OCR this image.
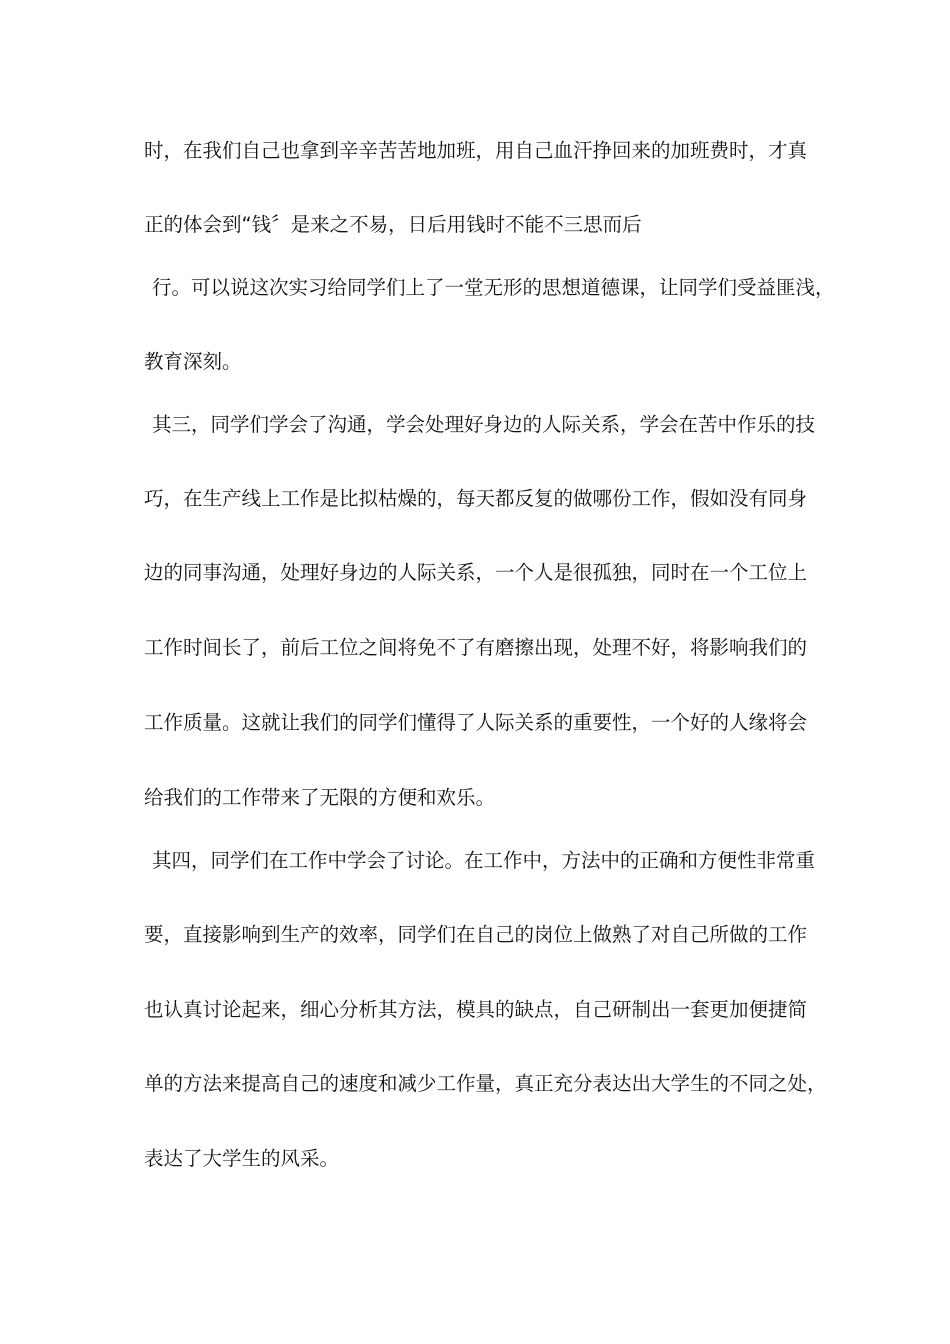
时，在我们自己也拿到辛辛苦苦地加班，用自己血汗挣回来的加班费时，才真
正的体会到“钱〞是来之不易，日后用钱时不能不三思而后
行。可以说这次实习给同学们上了一堂无形的思想道德课，让同学们受益匪浅，
教育深刻。
其三，同学们学会了沟通，学会处理好身边的人际关系，学会在苦中作乐的技
巧，在生产线上工作是比拟枯燥的，每天都反复的做哪份工作，假如没有同身
边的同事沟通，处理好身边的人际关系，一个人是很孤独，同时在一个工位上
工作时间长了，前后工位之间将免不了有磨擦出现，处理不好，将影响我们的
工作质量。这就让我们的同学们懂得了人际关系的重要性，一个好的人缘将会
给我们的工作带来了无限的方便和欢乐。
其四，同学们在工作中学会了讨论。在工作中，方法中的正确和方便性非常重
要，直接影响到生产的效率，同学们在自己的岗位上做熟了对自己所做的工作
也认真讨论起来，细心分析其方法，模具的缺点，自己研制出一套更加便捷简
单的方法来提高自己的速度和减少工作量，真正充分表达出大学生的不同之处，
表达了大学生的风采。
